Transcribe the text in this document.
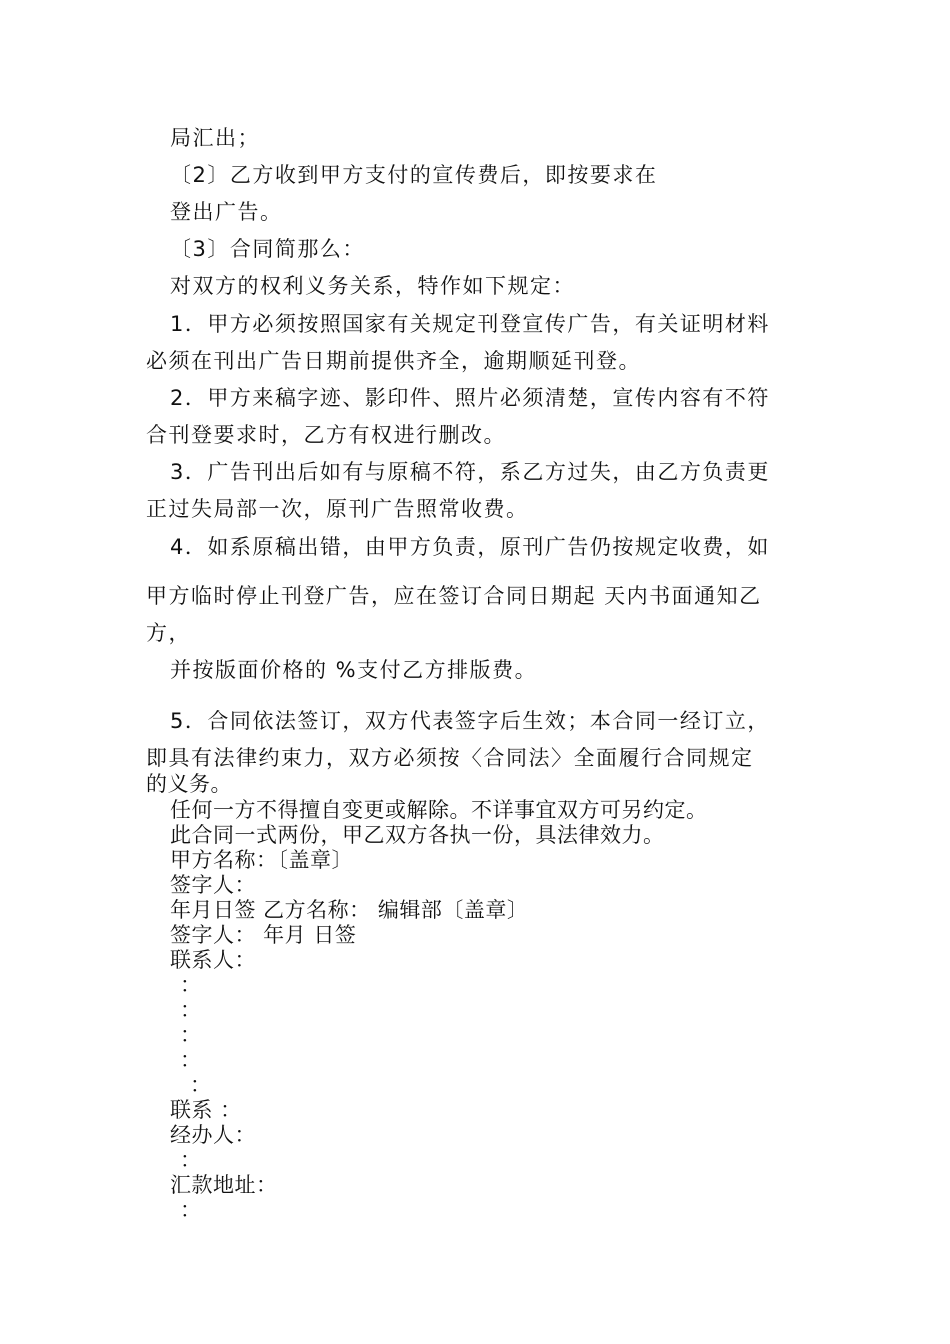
局汇出；
〔2〕乙方收到甲方支付的宣传费后，即按要求在
登出广告。
〔3〕合同简那么：
对双方的权利义务关系，特作如下规定：
1．甲方必须按照国家有关规定刊登宣传广告，有关证明材料
必须在刊出广告日期前提供齐全，逾期顺延刊登。
2．甲方来稿字迹、影印件、照片必须清楚，宣传内容有不符
合刊登要求时，乙方有权进行删改。
3．广告刊出后如有与原稿不符，系乙方过失，由乙方负责更
正过失局部一次，原刊广告照常收费。
4．如系原稿出错，由甲方负责，原刊广告仍按规定收费，如
甲方临时停止刊登广告，应在签订合同日期起 天内书面通知乙
方，
并按版面价格的 %支付乙方排版费。
5．合同依法签订，双方代表签字后生效；本合同一经订立，
即具有法律约束力，双方必须按〈合同法〉全面履行合同规定
的义务。
任何一方不得擅自变更或解除。不详事宜双方可另约定。
此合同一式两份，甲乙双方各执一份，具法律效力。
甲方名称：〔盖章〕
签字人：
年月日签 乙方名称： 编辑部〔盖章〕
签字人： 年月 日签
联系人：
：
：
：
：
：
联系 ：
经办人：
：
汇款地址：
：
